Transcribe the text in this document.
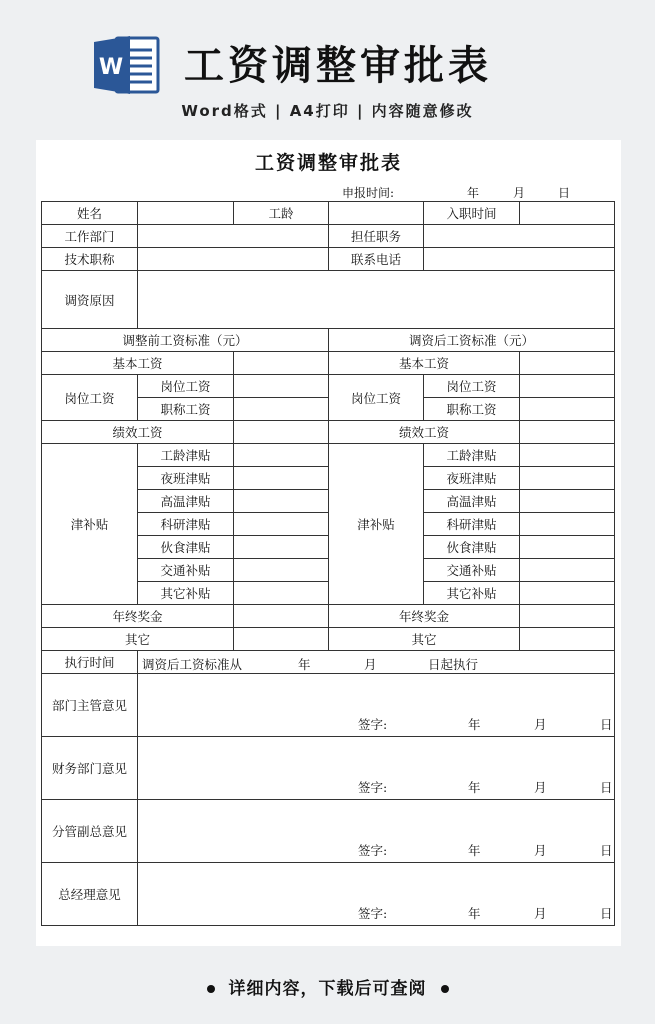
W 工资调整审批表
Word格式 | A4打印 | 内容随意修改
工资调整审批表
申报时间:	年	月	日
姓名		工龄		入职时间	
工作部门			担任职务		
技术职称			联系电话		
调资原因					
调整前工资标准（元）			调资后工资标准（元）		
基本工资			基本工资		
岗位工资	岗位工资		岗位工资	岗位工资	
	职称工资			职称工资	
绩效工资			绩效工资		
津补贴	工龄津贴		津补贴	工龄津贴	
	夜班津贴			夜班津贴	
	高温津贴			高温津贴	
	科研津贴			科研津贴	
	伙食津贴			伙食津贴	
	交通补贴			交通补贴	
	其它补贴			其它补贴	
年终奖金			年终奖金		
其它			其它		
执行时间	调资后工资标准从 年 月 日起执行				

部门主管意见	签字: 年 月 日				

财务部门意见	签字: 年 月 日				

分管副总意见	签字: 年 月 日				

总经理意见	签字: 年 月 日				
详细内容，下载后可查阅
